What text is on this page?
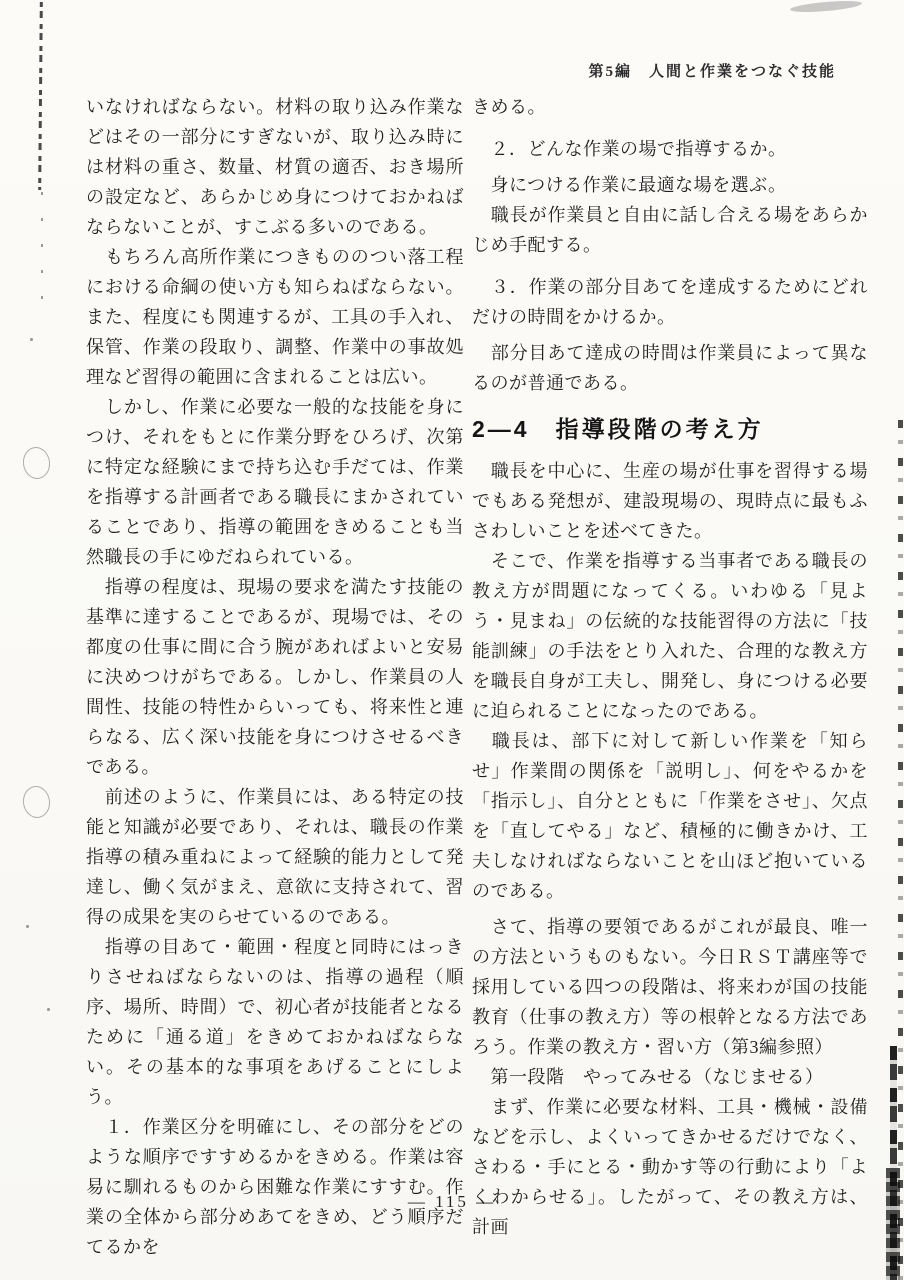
第5編　人間と作業をつなぐ技能

いなければならない。材料の取り込み作業などはその一部分にすぎないが、取り込み時には材料の重さ、数量、材質の適否、おき場所の設定など、あらかじめ身につけておかねばならないことが、すこぶる多いのである。

　もちろん高所作業につきもののつい落工程における命綱の使い方も知らねばならない。また、程度にも関連するが、工具の手入れ、保管、作業の段取り、調整、作業中の事故処理など習得の範囲に含まれることは広い。

　しかし、作業に必要な一般的な技能を身につけ、それをもとに作業分野をひろげ、次第に特定な経験にまで持ち込む手だては、作業を指導する計画者である職長にまかされていることであり、指導の範囲をきめることも当然職長の手にゆだねられている。

　指導の程度は、現場の要求を満たす技能の基準に達することであるが、現場では、その都度の仕事に間に合う腕があればよいと安易に決めつけがちである。しかし、作業員の人間性、技能の特性からいっても、将来性と連らなる、広く深い技能を身につけさせるべきである。

　前述のように、作業員には、ある特定の技能と知識が必要であり、それは、職長の作業指導の積み重ねによって経験的能力として発達し、働く気がまえ、意欲に支持されて、習得の成果を実のらせているのである。

　指導の目あて・範囲・程度と同時にはっきりさせねばならないのは、指導の過程（順序、場所、時間）で、初心者が技能者となるために「通る道」をきめておかねばならない。その基本的な事項をあげることにしよう。

　１．作業区分を明確にし、その部分をどのような順序ですすめるかをきめる。作業は容易に馴れるものから困難な作業にすすむ。作業の全体から部分めあてをきめ、どう順序だてるかを

きめる。

　２．どんな作業の場で指導するか。

　身につける作業に最適な場を選ぶ。

　職長が作業員と自由に話し合える場をあらかじめ手配する。

　３．作業の部分目あてを達成するためにどれだけの時間をかけるか。

　部分目あて達成の時間は作業員によって異なるのが普通である。

2―4　指導段階の考え方

　職長を中心に、生産の場が仕事を習得する場でもある発想が、建設現場の、現時点に最もふさわしいことを述べてきた。

　そこで、作業を指導する当事者である職長の教え方が問題になってくる。いわゆる「見よう・見まね」の伝統的な技能習得の方法に「技能訓練」の手法をとり入れた、合理的な教え方を職長自身が工夫し、開発し、身につける必要に迫られることになったのである。

　職長は、部下に対して新しい作業を「知らせ」作業間の関係を「説明し」、何をやるかを「指示し」、自分とともに「作業をさせ」、欠点を「直してやる」など、積極的に働きかけ、工夫しなければならないことを山ほど抱いているのである。

　さて、指導の要領であるがこれが最良、唯一の方法というものもない。今日ＲＳＴ講座等で採用している四つの段階は、将来わが国の技能教育（仕事の教え方）等の根幹となる方法であろう。作業の教え方・習い方（第3編参照）

　第一段階　やってみせる（なじませる）

　まず、作業に必要な材料、工具・機械・設備などを示し、よくいってきかせるだけでなく、さわる・手にとる・動かす等の行動により「よくわからせる」。したがって、その教え方は、計画

— 115 —
